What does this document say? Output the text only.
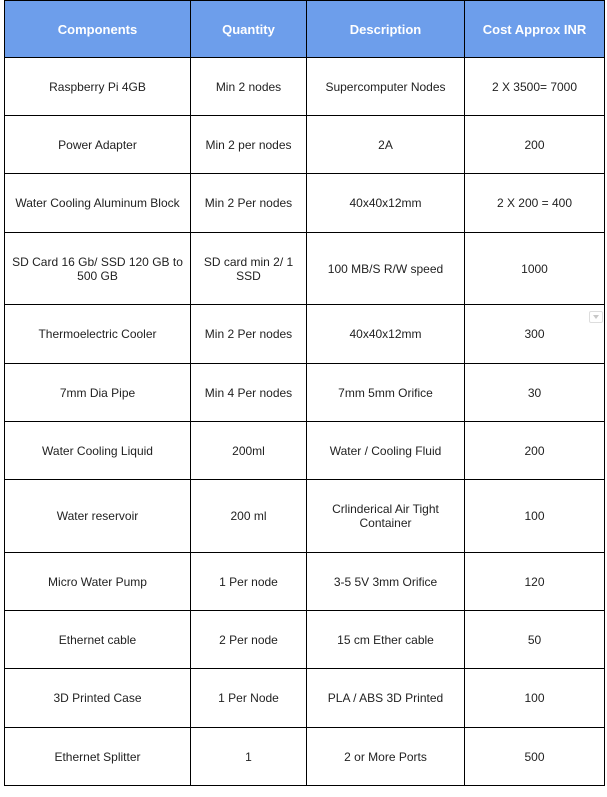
Components	Quantity	Description	Cost Approx INR
Raspberry Pi 4GB	Min 2 nodes	Supercomputer Nodes	2 X 3500= 7000
Power Adapter	Min 2 per nodes	2A	200
Water Cooling Aluminum Block	Min 2 Per nodes	40x40x12mm	2 X 200 = 400
SD Card 16 Gb/ SSD 120 GB to 500 GB	SD card min 2/ 1 SSD	100 MB/S R/W speed	1000
Thermoelectric Cooler	Min 2 Per nodes	40x40x12mm	300
7mm Dia Pipe	Min 4 Per nodes	7mm 5mm Orifice	30
Water Cooling Liquid	200ml	Water / Cooling Fluid	200
Water reservoir	200 ml	Crlinderical Air Tight Container	100
Micro Water Pump	1 Per node	3-5 5V 3mm Orifice	120
Ethernet cable	2 Per node	15 cm Ether cable	50
3D Printed Case	1 Per Node	PLA / ABS 3D Printed	100
Ethernet Splitter	1	2 or More Ports	500
